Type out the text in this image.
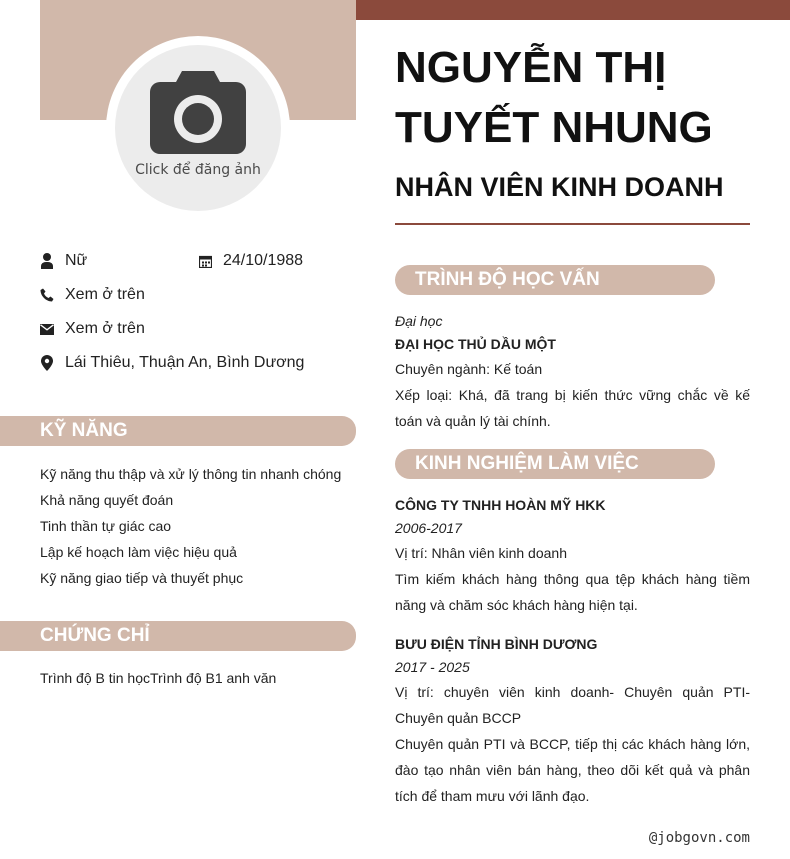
Click để đăng ảnh
Nữ	24/10/1988
Xem ở trên
Xem ở trên
Lái Thiêu, Thuận An, Bình Dương
KỸ NĂNG
Kỹ năng thu thập và xử lý thông tin nhanh chóng
Khả năng quyết đoán
Tinh thần tự giác cao
Lập kế hoạch làm việc hiệu quả
Kỹ năng giao tiếp và thuyết phục
CHỨNG CHỈ
Trình độ B tin họcTrình độ B1 anh văn
NGUYỄN THỊ TUYẾT NHUNG
NHÂN VIÊN KINH DOANH
TRÌNH ĐỘ HỌC VẤN
Đại học
ĐẠI HỌC THỦ DẦU MỘT
Chuyên ngành: Kế toán
Xếp loại: Khá, đã trang bị kiến thức vững chắc về kế toán và quản lý tài chính.
KINH NGHIỆM LÀM VIỆC
CÔNG TY TNHH HOÀN MỸ HKK
2006-2017
Vị trí: Nhân viên kinh doanh
Tìm kiếm khách hàng thông qua tệp khách hàng tiềm năng và chăm sóc khách hàng hiện tại.
BƯU ĐIỆN TỈNH BÌNH DƯƠNG
2017 - 2025
Vị trí: chuyên viên kinh doanh- Chuyên quản PTI- Chuyên quản BCCP
Chuyên quản PTI và BCCP, tiếp thị các khách hàng lớn, đào tạo nhân viên bán hàng, theo dõi kết quả và phân tích để tham mưu với lãnh đạo.
@jobgovn.com
